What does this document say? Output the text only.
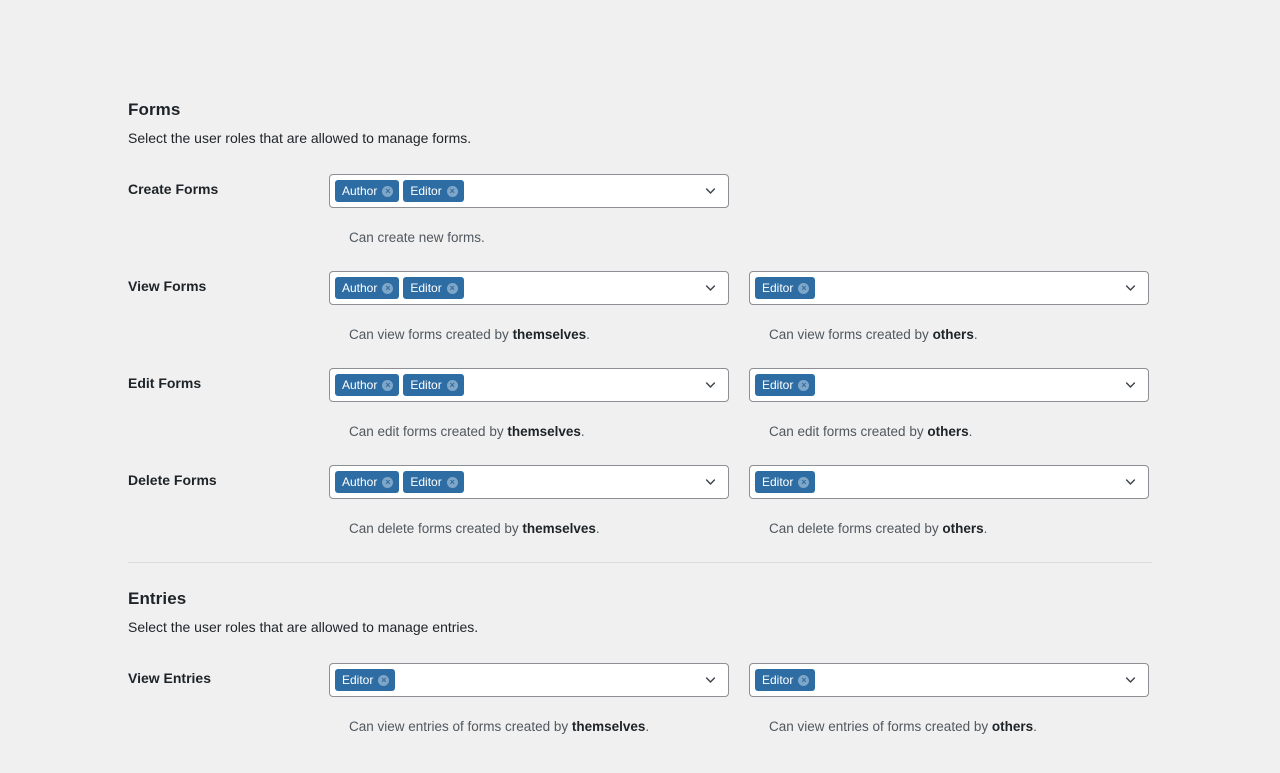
Forms

Select the user roles that are allowed to manage forms.

Create Forms	Author × Editor ×

Can create new forms.

View Forms	Author × Editor ×	Editor ×

Can view forms created by themselves.	Can view forms created by others.

Edit Forms	Author × Editor ×	Editor ×

Can edit forms created by themselves.	Can edit forms created by others.

Delete Forms	Author × Editor ×	Editor ×

Can delete forms created by themselves.	Can delete forms created by others.

Entries

Select the user roles that are allowed to manage entries.

View Entries	Editor ×	Editor ×

Can view entries of forms created by themselves.	Can view entries of forms created by others.
